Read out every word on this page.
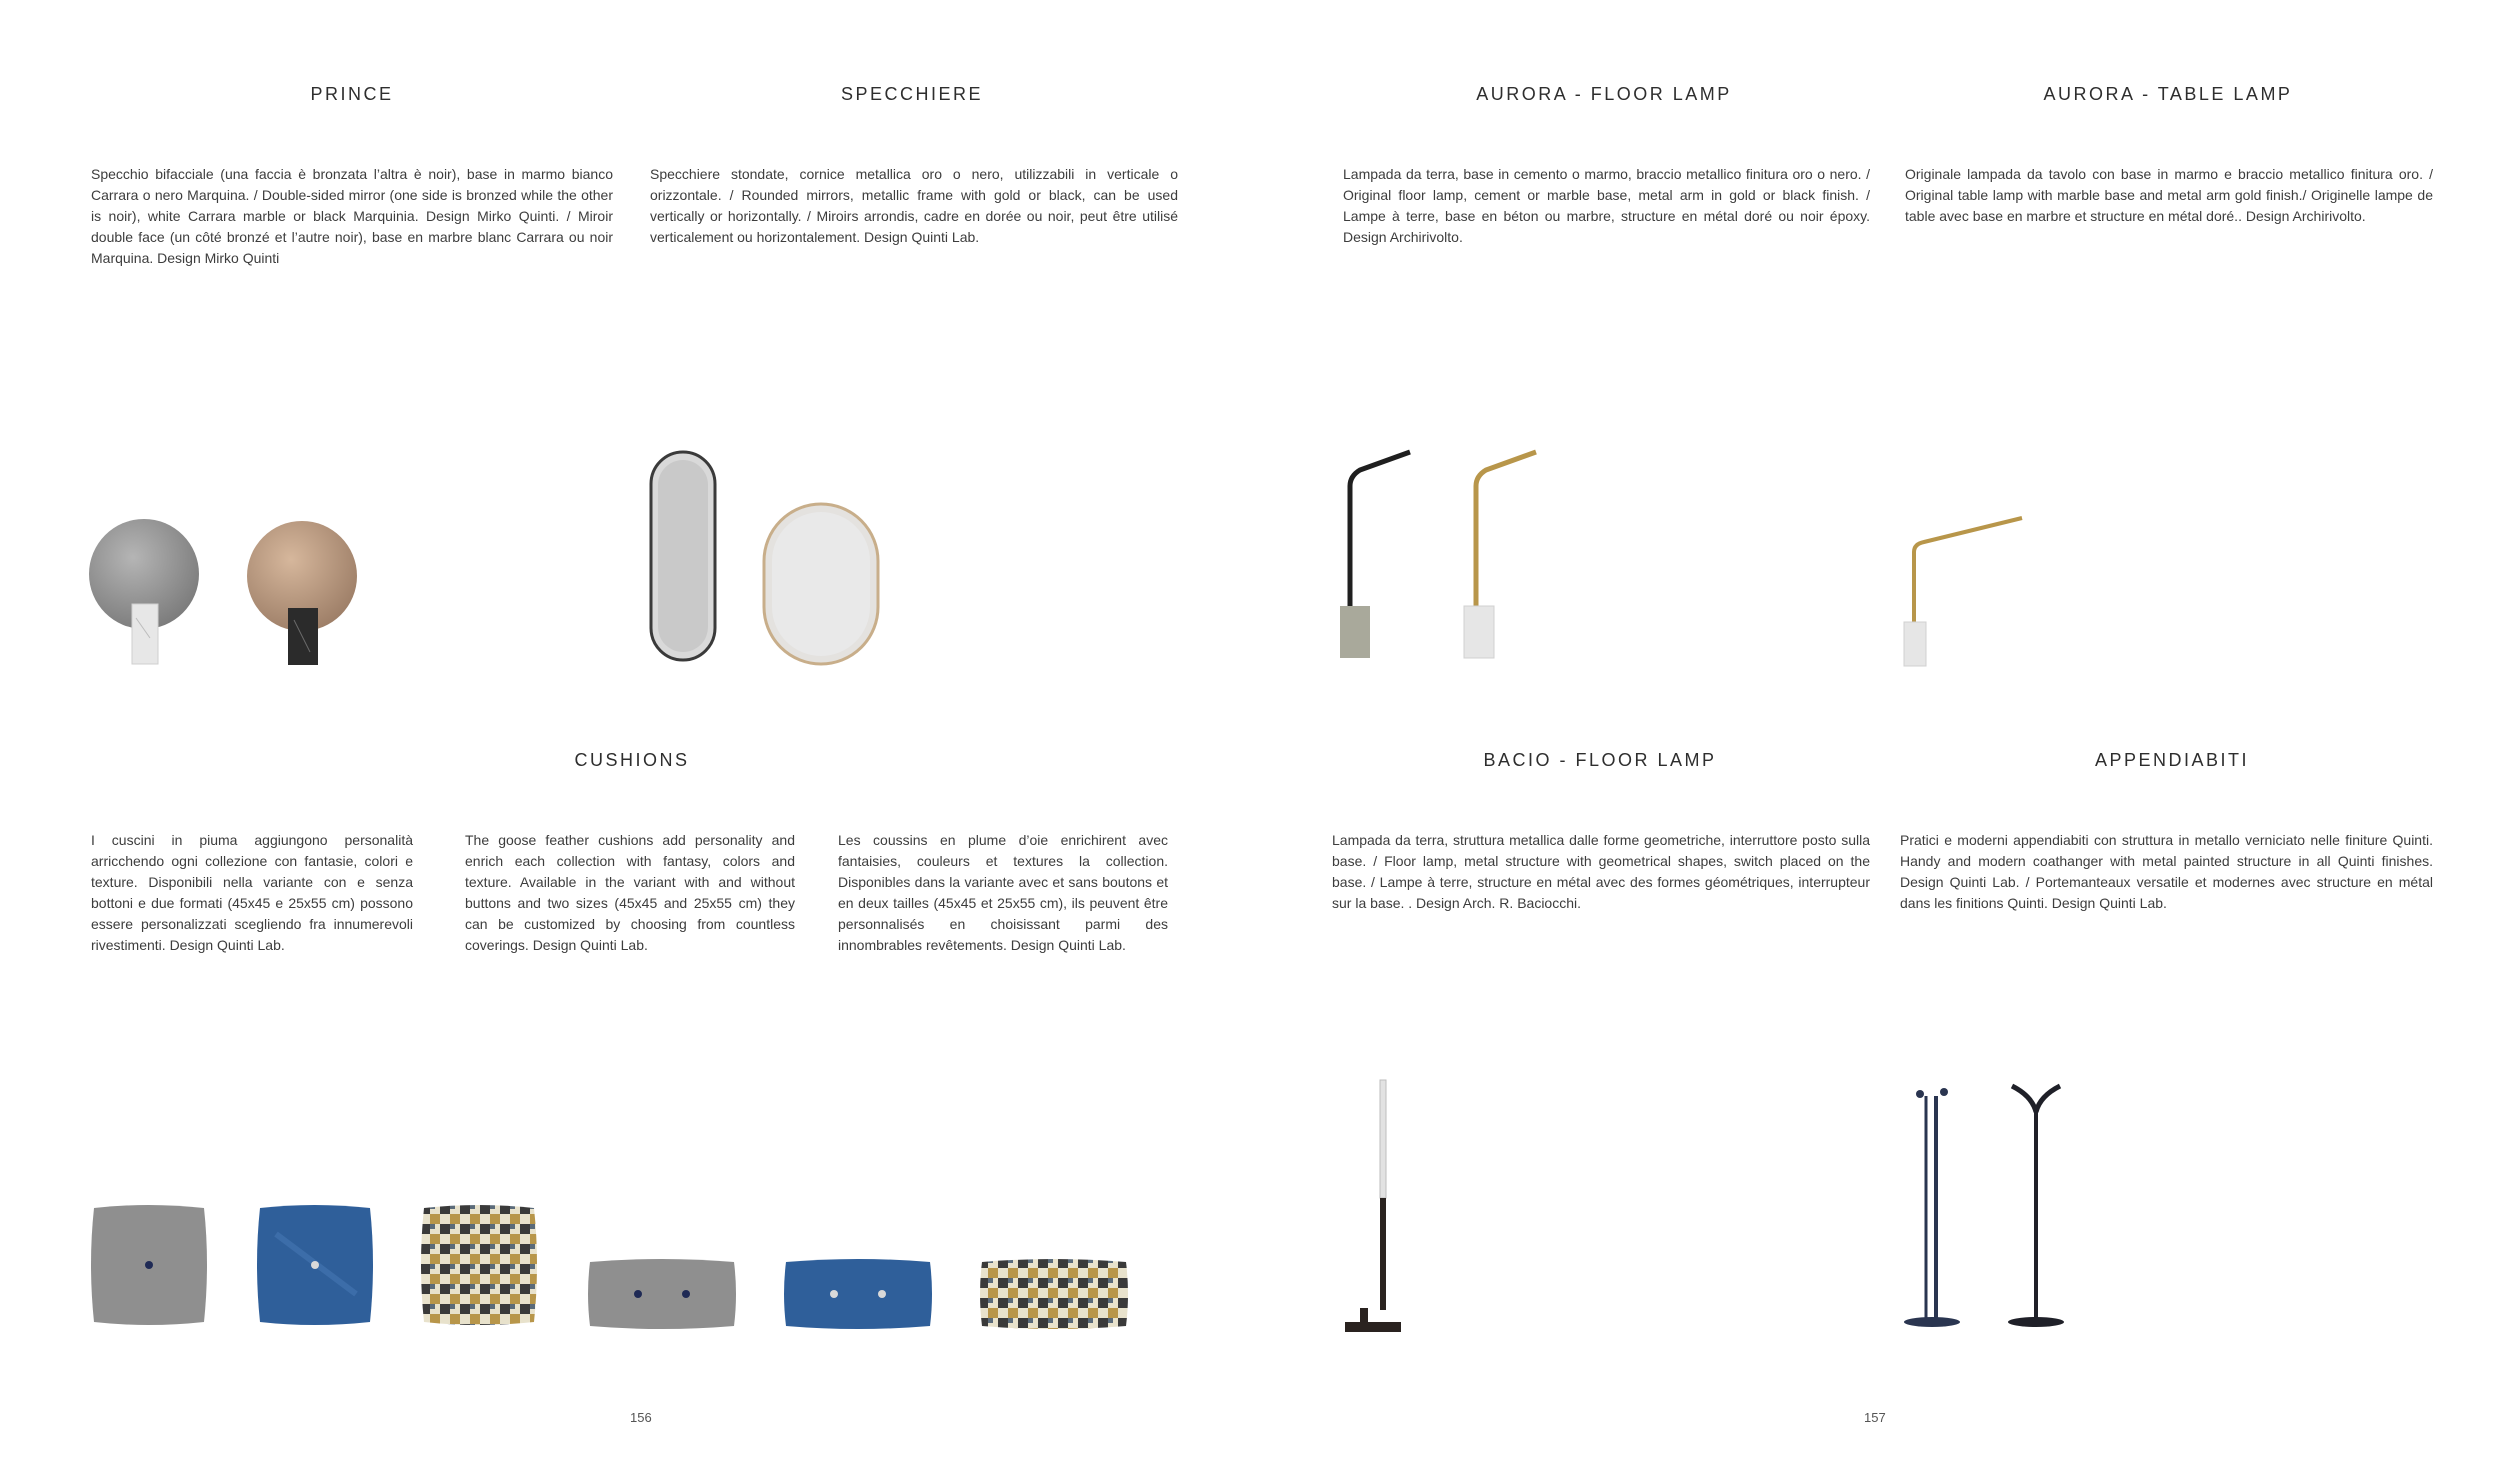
PRINCE
Specchio bifacciale (una faccia è bronzata l’altra è noir), base in marmo bianco Carrara o nero Marquina. / Double-sided mirror (one side is bronzed while the other is noir), white Carrara marble or black Marquinia. Design Mirko Quinti. / Miroir double face (un côté bronzé et l’autre noir), base en marbre blanc Carrara ou noir Marquina. Design Mirko Quinti
SPECCHIERE
Specchiere stondate, cornice metallica oro o nero, utilizzabili in verticale o orizzontale. / Rounded mirrors, metallic frame with gold or black, can be used vertically or horizontally. / Miroirs arrondis, cadre en dorée ou noir, peut être utilisé verticalement ou horizontalement. Design Quinti Lab.
CUSHIONS
I cuscini in piuma aggiungono personalità arricchendo ogni collezione con fantasie, colori e texture. Disponibili nella variante con e senza bottoni e due formati (45x45 e 25x55 cm) possono essere personalizzati scegliendo fra innumerevoli rivestimenti. Design Quinti Lab.
The goose feather cushions add personality and enrich each collection with fantasy, colors and texture. Available in the variant with and without buttons and two sizes (45x45 and 25x55 cm) they can be customized by choosing from countless coverings. Design Quinti Lab.
Les coussins en plume d’oie enrichirent avec fantaisies, couleurs et textures la collection. Disponibles dans la variante avec et sans boutons et en deux tailles (45x45 et 25x55 cm), ils peuvent être personnalisés en choisissant parmi des innombrables revêtements. Design Quinti Lab.
156
AURORA - FLOOR LAMP
Lampada da terra, base in cemento o marmo, braccio metallico finitura oro o nero. / Original floor lamp, cement or marble base, metal arm in gold or black finish. / Lampe à terre, base en béton ou marbre, structure en métal doré ou noir époxy. Design Archirivolto.
AURORA - TABLE LAMP
Originale lampada da tavolo con base in marmo e braccio metallico finitura oro. / Original table lamp with marble base and metal arm gold finish./ Originelle lampe de table avec base en marbre et structure en métal doré.. Design Archirivolto.
BACIO - FLOOR LAMP
Lampada da terra, struttura metallica dalle forme geometriche, interruttore posto sulla base. / Floor lamp, metal structure with geometrical shapes, switch placed on the base. / Lampe à terre, structure en métal avec des formes géométriques, interrupteur sur la base. . Design Arch. R. Baciocchi.
APPENDIABITI
Pratici e moderni appendiabiti con struttura in metallo verniciato nelle finiture Quinti. Handy and modern coathanger with metal painted structure in all Quinti finishes. Design Quinti Lab. / Portemanteaux versatile et modernes avec structure en métal dans les finitions Quinti. Design Quinti Lab.
157
